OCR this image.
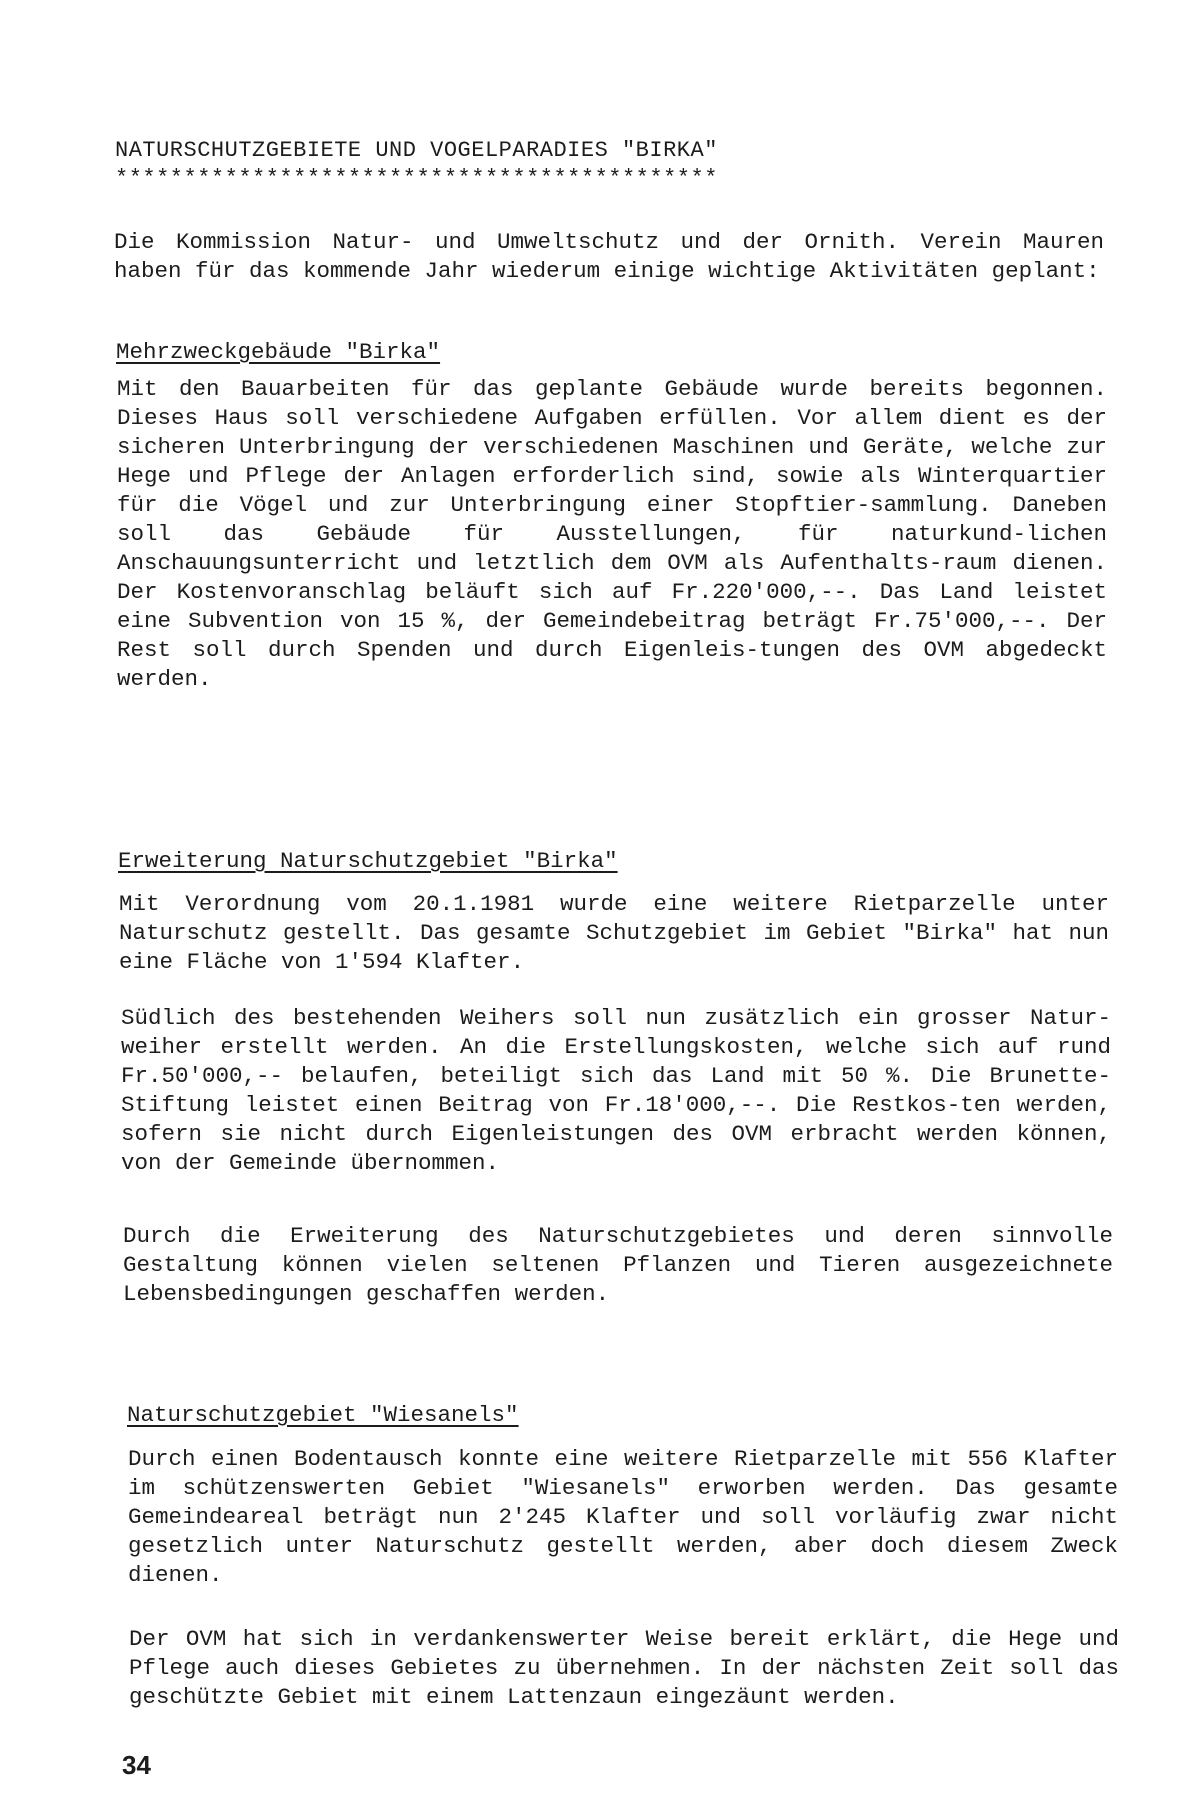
NATURSCHUTZGEBIETE UND VOGELPARADIES "BIRKA"
********************************************

Die Kommission Natur- und Umweltschutz und der Ornith. Verein Mauren haben für das kommende Jahr wiederum einige wichtige Aktivitäten geplant:

Mehrzweckgebäude "Birka"

Mit den Bauarbeiten für das geplante Gebäude wurde bereits begonnen. Dieses Haus soll verschiedene Aufgaben erfüllen. Vor allem dient es der sicheren Unterbringung der verschiedenen Maschinen und Geräte, welche zur Hege und Pflege der Anlagen erforderlich sind, sowie als Winterquartier für die Vögel und zur Unterbringung einer Stopftier-sammlung. Daneben soll das Gebäude für Ausstellungen, für naturkund-lichen Anschauungsunterricht und letztlich dem OVM als Aufenthalts-raum dienen. Der Kostenvoranschlag beläuft sich auf Fr.220'000,--. Das Land leistet eine Subvention von 15 %, der Gemeindebeitrag beträgt Fr.75'000,--. Der Rest soll durch Spenden und durch Eigenleis-tungen des OVM abgedeckt werden.

Erweiterung Naturschutzgebiet "Birka"

Mit Verordnung vom 20.1.1981 wurde eine weitere Rietparzelle unter Naturschutz gestellt. Das gesamte Schutzgebiet im Gebiet "Birka" hat nun eine Fläche von 1'594 Klafter.

Südlich des bestehenden Weihers soll nun zusätzlich ein grosser Natur-weiher erstellt werden. An die Erstellungskosten, welche sich auf rund Fr.50'000,-- belaufen, beteiligt sich das Land mit 50 %. Die Brunette-Stiftung leistet einen Beitrag von Fr.18'000,--. Die Restkos-ten werden, sofern sie nicht durch Eigenleistungen des OVM erbracht werden können, von der Gemeinde übernommen.

Durch die Erweiterung des Naturschutzgebietes und deren sinnvolle Gestaltung können vielen seltenen Pflanzen und Tieren ausgezeichnete Lebensbedingungen geschaffen werden.

Naturschutzgebiet "Wiesanels"

Durch einen Bodentausch konnte eine weitere Rietparzelle mit 556 Klafter im schützenswerten Gebiet "Wiesanels" erworben werden. Das gesamte Gemeindeareal beträgt nun 2'245 Klafter und soll vorläufig zwar nicht gesetzlich unter Naturschutz gestellt werden, aber doch diesem Zweck dienen.

Der OVM hat sich in verdankenswerter Weise bereit erklärt, die Hege und Pflege auch dieses Gebietes zu übernehmen. In der nächsten Zeit soll das geschützte Gebiet mit einem Lattenzaun eingezäunt werden.

34
